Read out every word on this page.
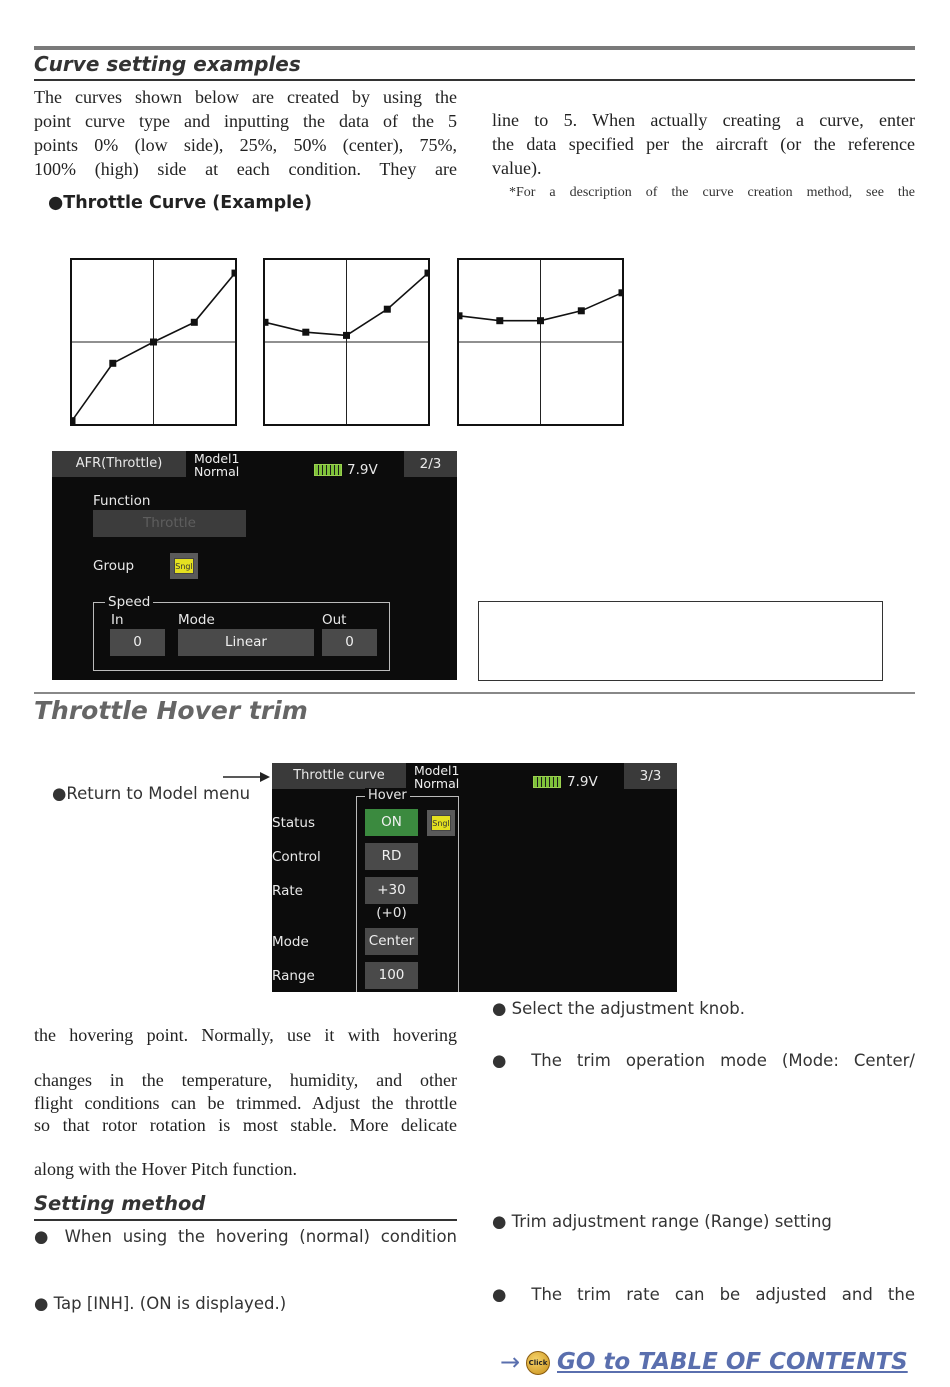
Curve setting examples
The curves shown below are created by using the
point curve type and inputting the data of the 5
points 0% (low side), 25%, 50% (center), 75%,
100% (high) side at each condition. They are
line to 5. When actually creating a curve, enter
the data specified per the aircraft (or the reference
value).
*For a description of the curve creation method, see the
●Throttle Curve (Example)
AFR(Throttle)	Model1
Normal	7.9V	2/3
Function
Throttle
Group	Sngl
Speed
In	Mode	Out
0	Linear	0
Throttle Hover trim
●Return to Model menu
Throttle curve	Model1
Normal	7.9V	3/3
Hover
Status	ON	Sngl
Control	RD
Rate	+30
(+0)
Mode	Center
Range	100
the hovering point. Normally, use it with hovering
changes in the temperature, humidity, and other
flight conditions can be trimmed. Adjust the throttle
so that rotor rotation is most stable. More delicate
along with the Hover Pitch function.
Setting method
● When using the hovering (normal) condition
● Tap [INH]. (ON is displayed.)
● Select the adjustment knob.
● The trim operation mode (Mode: Center/
● Trim adjustment range (Range) setting
● The trim rate can be adjusted and the
→	Click GO to TABLE OF CONTENTS
